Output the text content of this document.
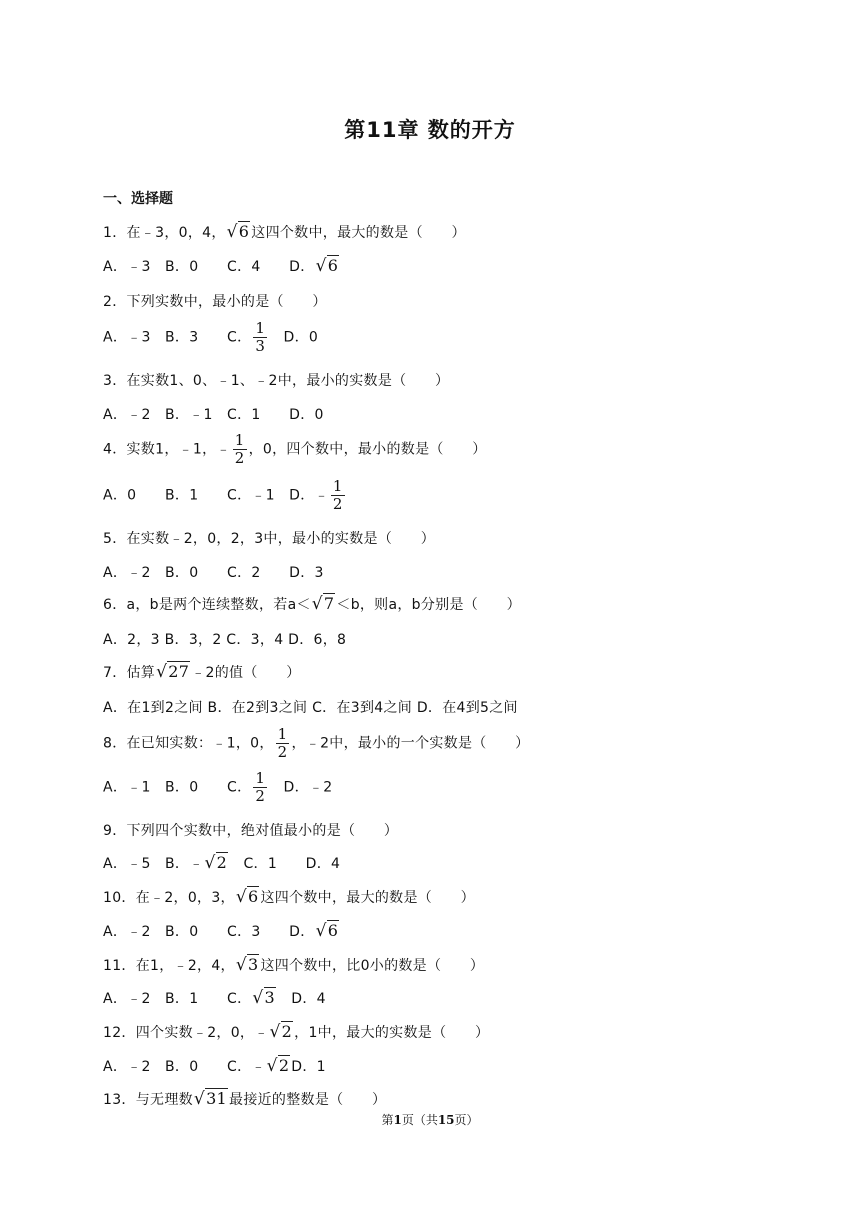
第11章 数的开方
一、选择题
1．在﹣3，0，4，√6 这四个数中，最大的数是（　　）
A．﹣3　B．0　　C．4　　D．√6
2．下列实数中，最小的是（　　）
A．﹣3　B．3　　C． $\frac{1}{3}$ 　D．0
3．在实数1、0、﹣1、﹣2中，最小的实数是（　　）
A．﹣2　B．﹣1　C．1　　D．0
4．实数1，﹣1，﹣ $\frac{1}{2}$ ，0，四个数中，最小的数是（　　）
A．0　　B．1　　C．﹣1　D．﹣ $\frac{1}{2}$
5．在实数﹣2，0，2，3中，最小的实数是（　　）
A．﹣2　B．0　　C．2　　D．3
6．a，b是两个连续整数，若a＜√7 ＜b，则a，b分别是（　　）
A．2，3 B．3，2 C．3，4 D．6，8
7．估算√27 ﹣2的值（　　）
A．在1到2之间 B．在2到3之间 C．在3到4之间 D．在4到5之间
8．在已知实数：﹣1，0， $\frac{1}{2}$ ，﹣2中，最小的一个实数是（　　）
A．﹣1　B．0　　C． $\frac{1}{2}$ 　D．﹣2
9．下列四个实数中，绝对值最小的是（　　）
A．﹣5　B．﹣√2　C．1　　D．4
10．在﹣2，0，3，√6 这四个数中，最大的数是（　　）
A．﹣2　B．0　　C．3　　D．√6
11．在1，﹣2，4，√3 这四个数中，比0小的数是（　　）
A．﹣2　B．1　　C．√3　D．4
12．四个实数﹣2，0，﹣√2 ，1中，最大的实数是（　　）
A．﹣2　B．0　　C．﹣√2 D．1
13．与无理数√31 最接近的整数是（　　）
第1页（共15页）
